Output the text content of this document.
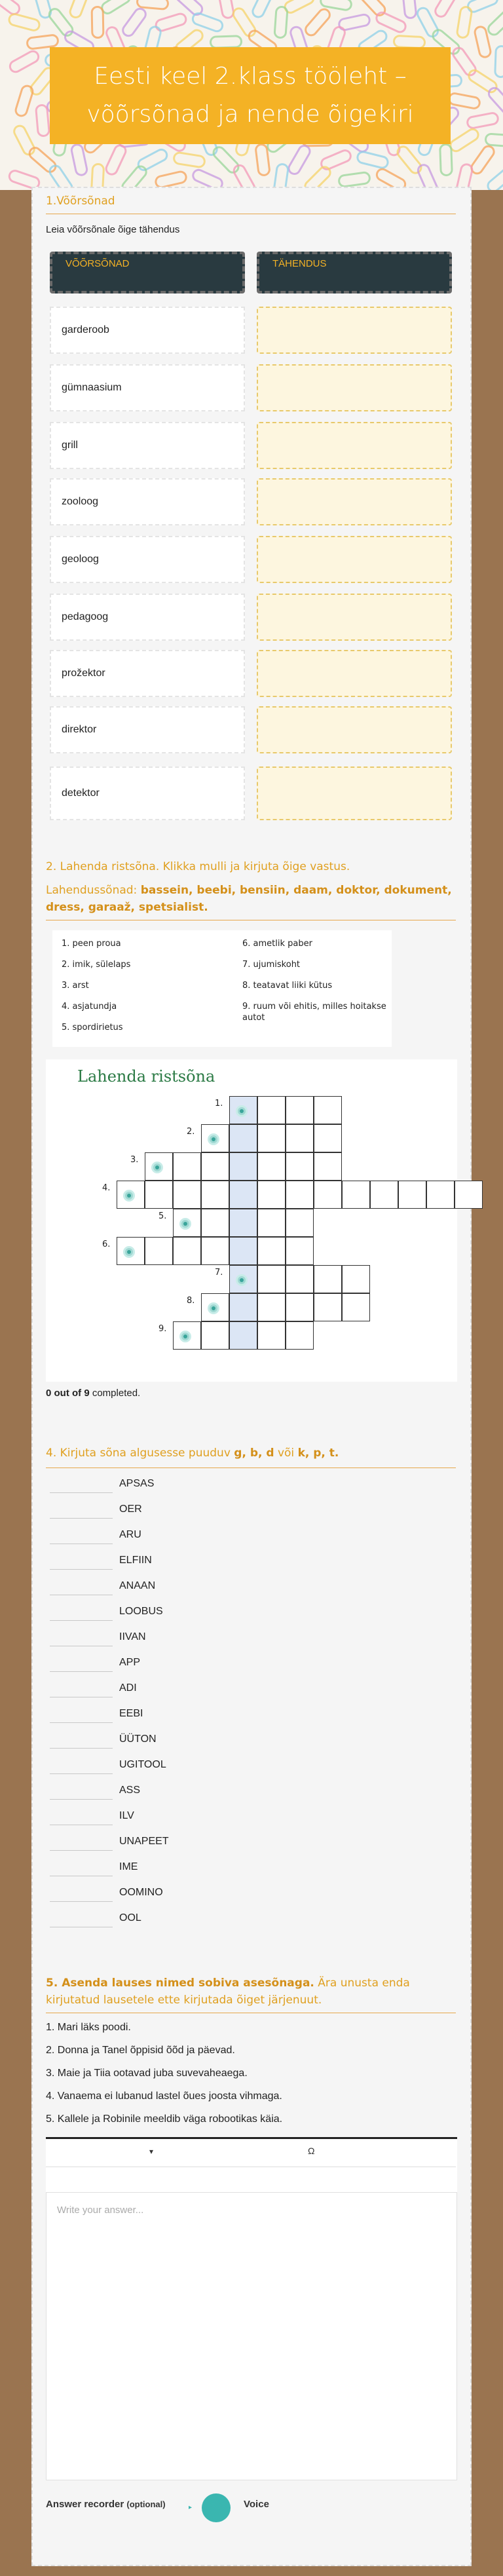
Eesti keel 2.klass tööleht – võõrsõnad ja nende õigekiri
1.Võõrsõnad
Leia võõrsõnale õige tähendus
VÕÕRSÕNAD	TÄHENDUS
garderoob
gümnaasium
grill
zooloog
geoloog
pedagoog
prožektor
direktor
detektor
2. Lahenda ristsõna. Klikka mulli ja kirjuta õige vastus.
Lahendussõnad: bassein, beebi, bensiin, daam, doktor, dokument, dress, garaaž, spetsialist.
1. peen proua
2. imik, sülelaps
3. arst
4. asjatundja
5. spordirietus
6. ametlik paber
7. ujumiskoht
8. teatavat liiki kütus
9. ruum või ehitis, milles hoitakse autot
Lahenda ristsõna
1.
2.
3.
4.
5.
6.
7.
8.
9.
0 out of 9 completed.
4. Kirjuta sõna algusesse puuduv g, b, d või k, p, t.
APSAS
OER
ARU
ELFIIN
ANAAN
LOOBUS
IIVAN
APP
ADI
EEBI
ÜÜTON
UGITOOL
ASS
ILV
UNAPEET
IME
OOMINO
OOL
5. Asenda lauses nimed sobiva asesõnaga. Ära unusta enda kirjutatud lausetele ette kirjutada õiget järjenuut.
1. Mari läks poodi.
2. Donna ja Tanel õppisid õõd ja päevad.
3. Maie ja Tiia ootavad juba suvevaheaega.
4. Vanaema ei lubanud lastel õues joosta vihmaga.
5. Kallele ja Robinile meeldib väga robootikas käia.
▾	Ω
Write your answer...
Answer recorder (optional)	▸	Voice
